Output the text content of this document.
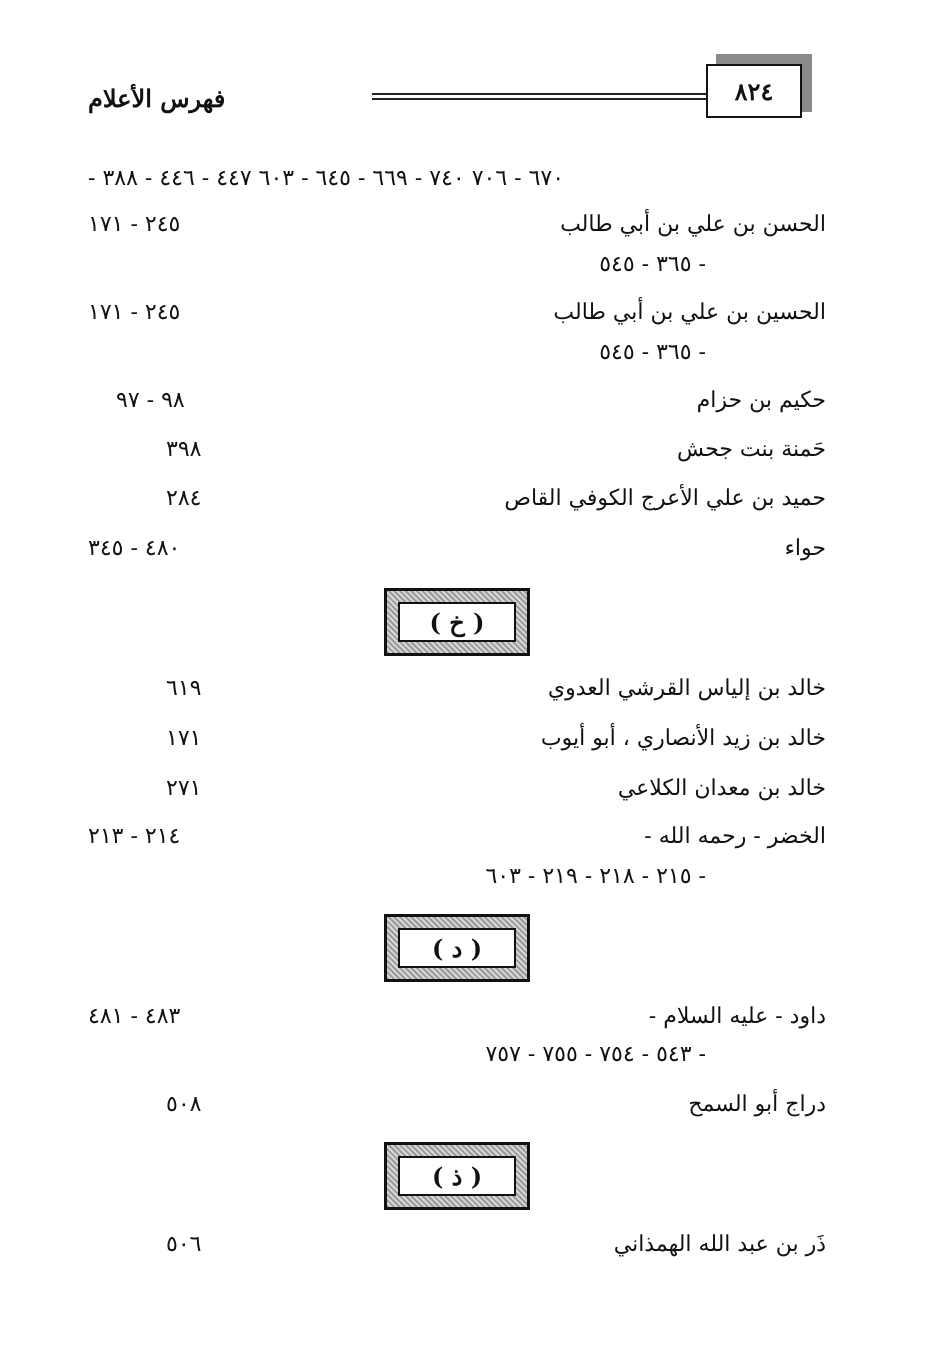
فهرس الأعلام	٨٢٤
٦٧٠ - ٧٠٦ ٧٤٠ - ٦٦٩ - ٦٤٥ - ٦٠٣ ٤٤٧ - ٤٤٦ - ٣٨٨ -
الحسن بن علي بن أبي طالب
٢٤٥ - ١٧١
- ٣٦٥ - ٥٤٥
الحسين بن علي بن أبي طالب
٢٤٥ - ١٧١
- ٣٦٥ - ٥٤٥
حكيم بن حزام
٩٨ - ٩٧
حَمنة بنت جحش
٣٩٨
حميد بن علي الأعرج الكوفي القاص
٢٨٤
حواء
٤٨٠ - ٣٤٥
( خ )
خالد بن إلياس القرشي العدوي
٦١٩
خالد بن زيد الأنصاري ، أبو أيوب
١٧١
خالد بن معدان الكلاعي
٢٧١
الخضر - رحمه الله -
٢١٤ - ٢١٣
- ٢١٥ - ٢١٨ - ٢١٩ - ٦٠٣
( د )
داود - عليه السلام -
٤٨٣ - ٤٨١
- ٥٤٣ - ٧٥٤ - ٧٥٥ - ٧٥٧
دراج أبو السمح
٥٠٨
( ذ )
ذَر بن عبد الله الهمذاني
٥٠٦
